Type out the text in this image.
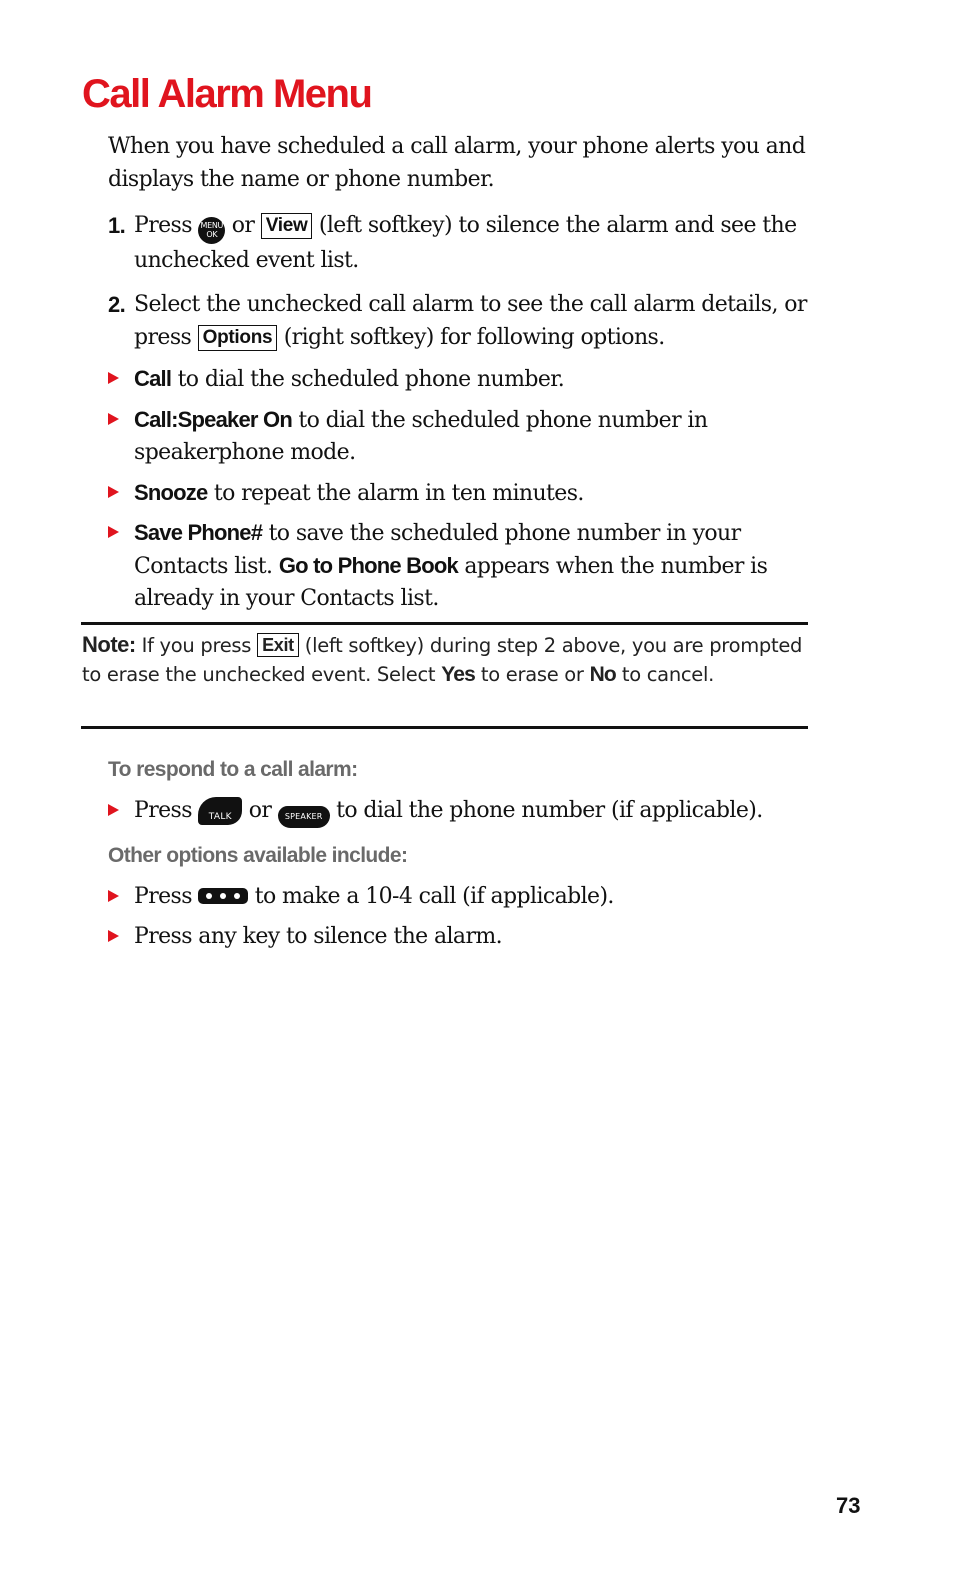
Call Alarm Menu
When you have scheduled a call alarm, your phone alerts you and displays the name or phone number.
1. Press MENU
OK or View (left softkey) to silence the alarm and see the unchecked event list.
2. Select the unchecked call alarm to see the call alarm details, or press Options (right softkey) for following options.
Call to dial the scheduled phone number.
Call:Speaker On to dial the scheduled phone number in speakerphone mode.
Snooze to repeat the alarm in ten minutes.
Save Phone# to save the scheduled phone number in your Contacts list. Go to Phone Book appears when the number is already in your Contacts list.
Note: If you press Exit (left softkey) during step 2 above, you are prompted to erase the unchecked event. Select Yes to erase or No to cancel.
To respond to a call alarm:
Press TALK or SPEAKER to dial the phone number (if applicable).
Other options available include:
Press	to make a 10-4 call (if applicable).
Press any key to silence the alarm.
73
